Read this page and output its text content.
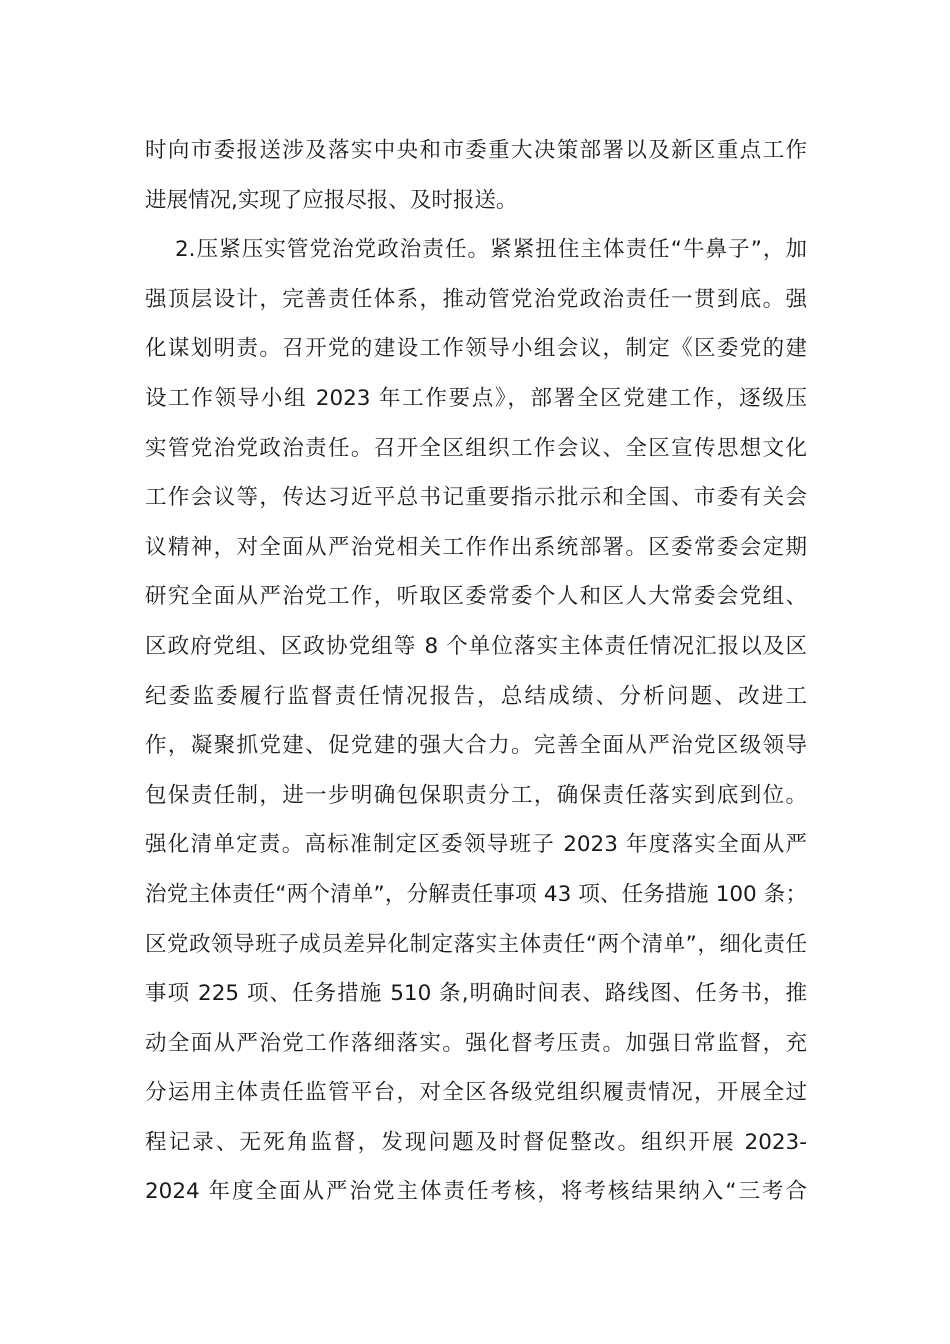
时向市委报送涉及落实中央和市委重大决策部署以及新区重点工作
进展情况,实现了应报尽报、及时报送。
2.压紧压实管党治党政治责任。紧紧扭住主体责任“牛鼻子”，加
强顶层设计，完善责任体系，推动管党治党政治责任一贯到底。强
化谋划明责。召开党的建设工作领导小组会议，制定《区委党的建
设工作领导小组 2023 年工作要点》，部署全区党建工作，逐级压
实管党治党政治责任。召开全区组织工作会议、全区宣传思想文化
工作会议等，传达习近平总书记重要指示批示和全国、市委有关会
议精神，对全面从严治党相关工作作出系统部署。区委常委会定期
研究全面从严治党工作，听取区委常委个人和区人大常委会党组、
区政府党组、区政协党组等 8 个单位落实主体责任情况汇报以及区
纪委监委履行监督责任情况报告，总结成绩、分析问题、改进工
作，凝聚抓党建、促党建的强大合力。完善全面从严治党区级领导
包保责任制，进一步明确包保职责分工，确保责任落实到底到位。
强化清单定责。高标准制定区委领导班子 2023 年度落实全面从严
治党主体责任“两个清单”，分解责任事项 43 项、任务措施 100 条；
区党政领导班子成员差异化制定落实主体责任“两个清单”，细化责任
事项 225 项、任务措施 510 条,明确时间表、路线图、任务书，推
动全面从严治党工作落细落实。强化督考压责。加强日常监督，充
分运用主体责任监管平台，对全区各级党组织履责情况，开展全过
程记录、无死角监督，发现问题及时督促整改。组织开展 2023-
2024 年度全面从严治党主体责任考核，将考核结果纳入“三考合
